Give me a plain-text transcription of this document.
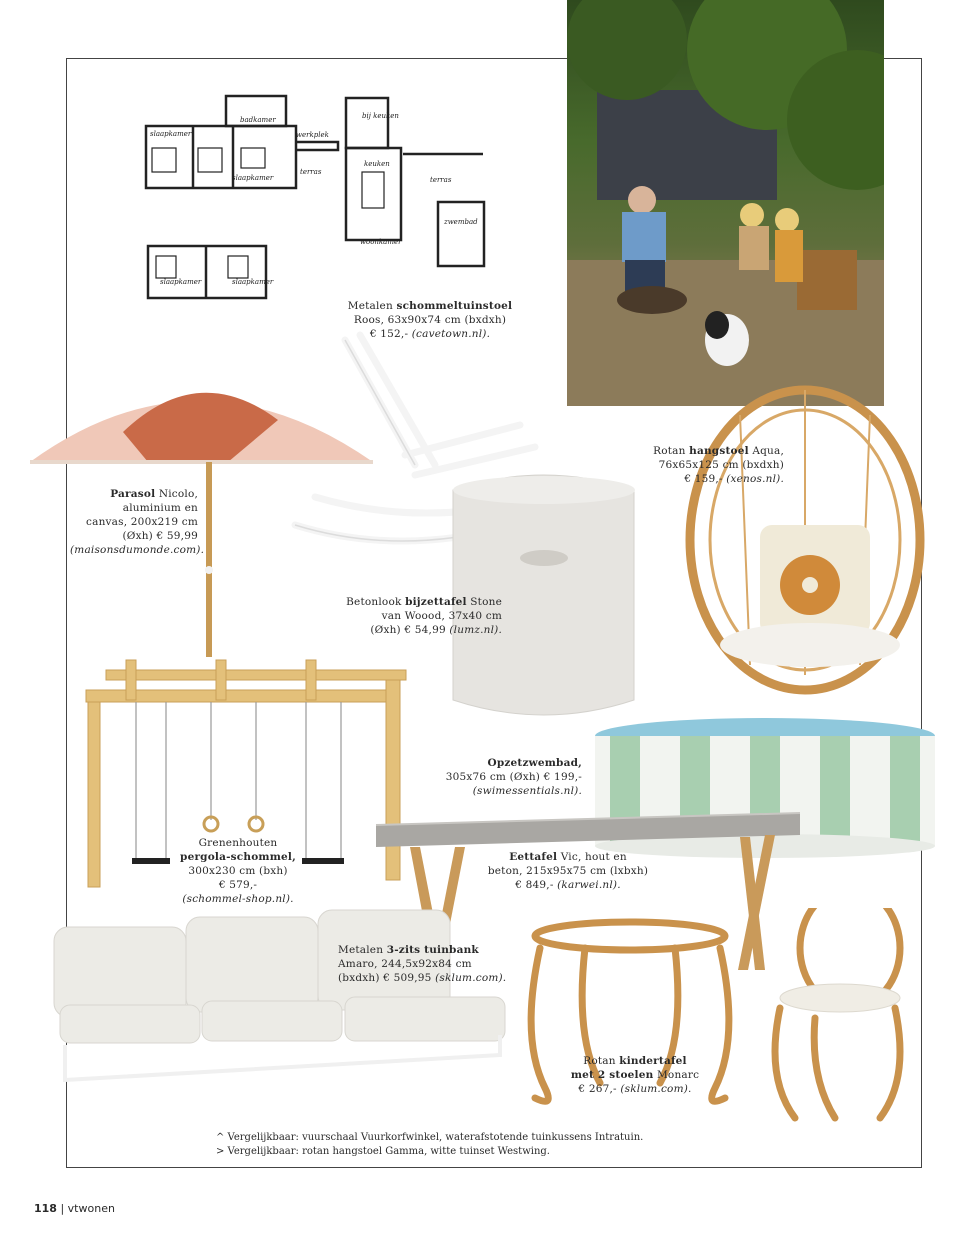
slaapkamer
badkamer
werkplek
bij keuken
slaapkamer
terras
keuken
terras
zwembad
woonkamer
slaapkamer	slaapkamer
Metalen schommeltuinstoel
Roos, 63x90x74 cm (bxdxh)
€ 152,- (cavetown.nl).
Parasol Nicolo,
aluminium en
canvas, 200x219 cm
(Øxh) € 59,99
(maisonsdumonde.com).
Rotan hangstoel Aqua,
76x65x125 cm (bxdxh)
€ 159,- (xenos.nl).
Betonlook bijzettafel Stone
van Woood, 37x40 cm
(Øxh) € 54,99 (lumz.nl).
Opzetzwembad,
305x76 cm (Øxh) € 199,-
(swimessentials.nl).
Grenenhouten
pergola-schommel,
300x230 cm (bxh)
€ 579,-
(schommel-shop.nl).
Eettafel Vic, hout en
beton, 215x95x75 cm (lxbxh)
€ 849,- (karwei.nl).
Metalen 3-zits tuinbank
Amaro, 244,5x92x84 cm
(bxdxh) € 509,95 (sklum.com).
Rotan kindertafel
met 2 stoelen Monarc
€ 267,- (sklum.com).
^ Vergelijkbaar: vuurschaal Vuurkorfwinkel, waterafstotende tuinkussens Intratuin.
> Vergelijkbaar: rotan hangstoel Gamma, witte tuinset Westwing.
118 | vtwonen
